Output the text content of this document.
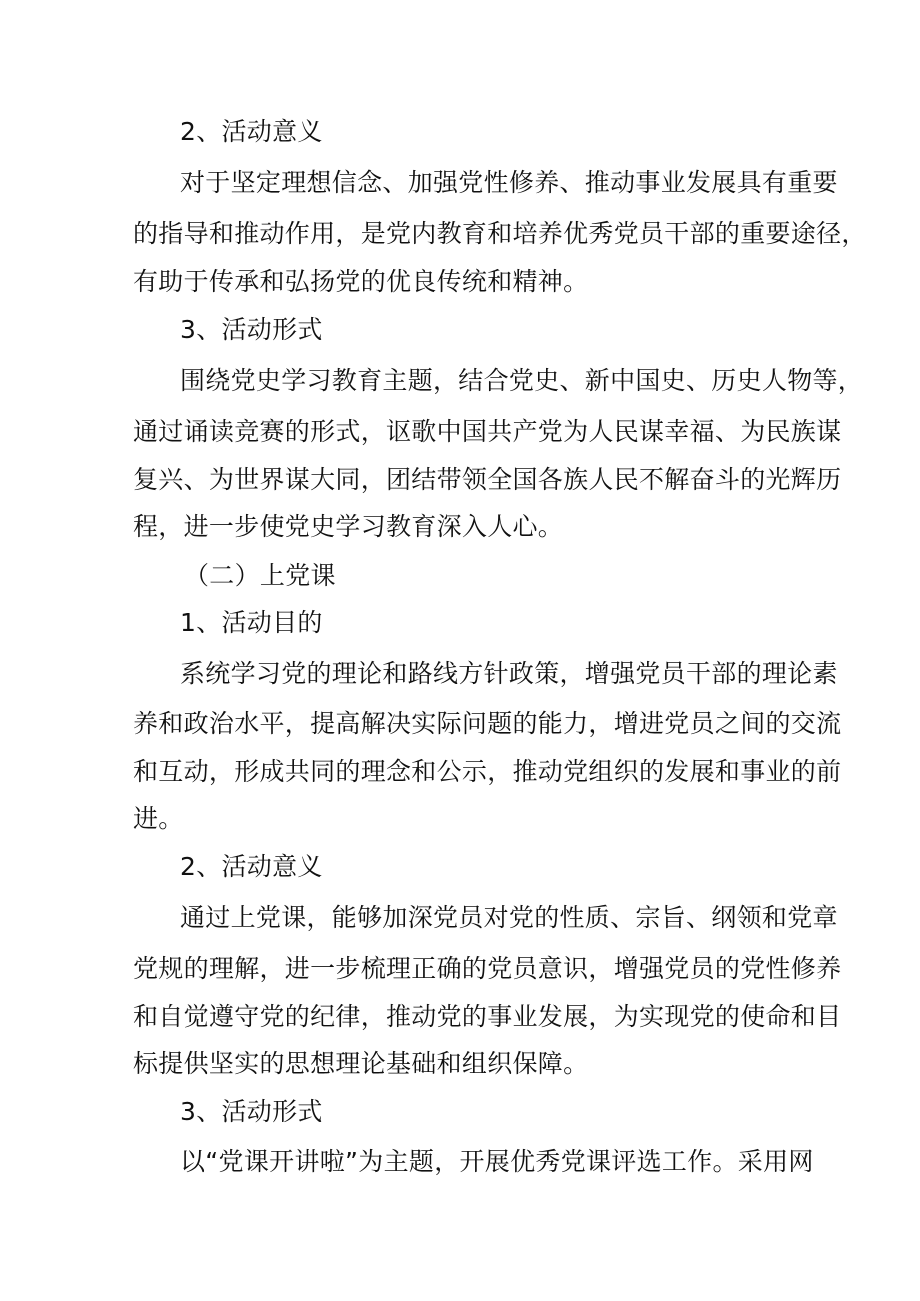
2、活动意义
对于坚定理想信念、加强党性修养、推动事业发展具有重要
的指导和推动作用，是党内教育和培养优秀党员干部的重要途径，
有助于传承和弘扬党的优良传统和精神。
3、活动形式
围绕党史学习教育主题，结合党史、新中国史、历史人物等，
通过诵读竞赛的形式，讴歌中国共产党为人民谋幸福、为民族谋
复兴、为世界谋大同，团结带领全国各族人民不解奋斗的光辉历
程，进一步使党史学习教育深入人心。
（二）上党课
1、活动目的
系统学习党的理论和路线方针政策，增强党员干部的理论素
养和政治水平，提高解决实际问题的能力，增进党员之间的交流
和互动，形成共同的理念和公示，推动党组织的发展和事业的前
进。
2、活动意义
通过上党课，能够加深党员对党的性质、宗旨、纲领和党章
党规的理解，进一步梳理正确的党员意识，增强党员的党性修养
和自觉遵守党的纪律，推动党的事业发展，为实现党的使命和目
标提供坚实的思想理论基础和组织保障。
3、活动形式
以“党课开讲啦”为主题，开展优秀党课评选工作。采用网
